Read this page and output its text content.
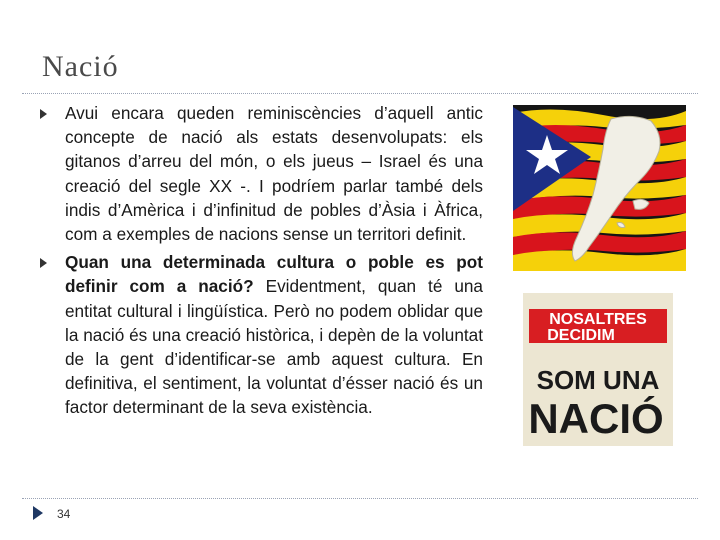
Nació
Avui encara queden reminiscències d’aquell antic concepte de nació als estats desenvolupats: els gitanos d’arreu del món, o els jueus – Israel és una creació del segle XX -. I podríem parlar també dels indis d’Amèrica i d’infinitud de pobles d’Àsia i Àfrica, com a exemples de nacions sense un territori definit.
Quan una determinada cultura o poble es pot definir com a nació? Evidentment, quan té una entitat cultural i lingüística. Però no podem oblidar que la nació és una creació històrica, i depèn de la voluntat de la gent d’identificar-se amb aquest cultura. En definitiva, el sentiment, la voluntat d’ésser nació és un factor determinant de la seva existència.
NOSALTRES
DECIDIM
SOM UNA
NACIÓ
34
